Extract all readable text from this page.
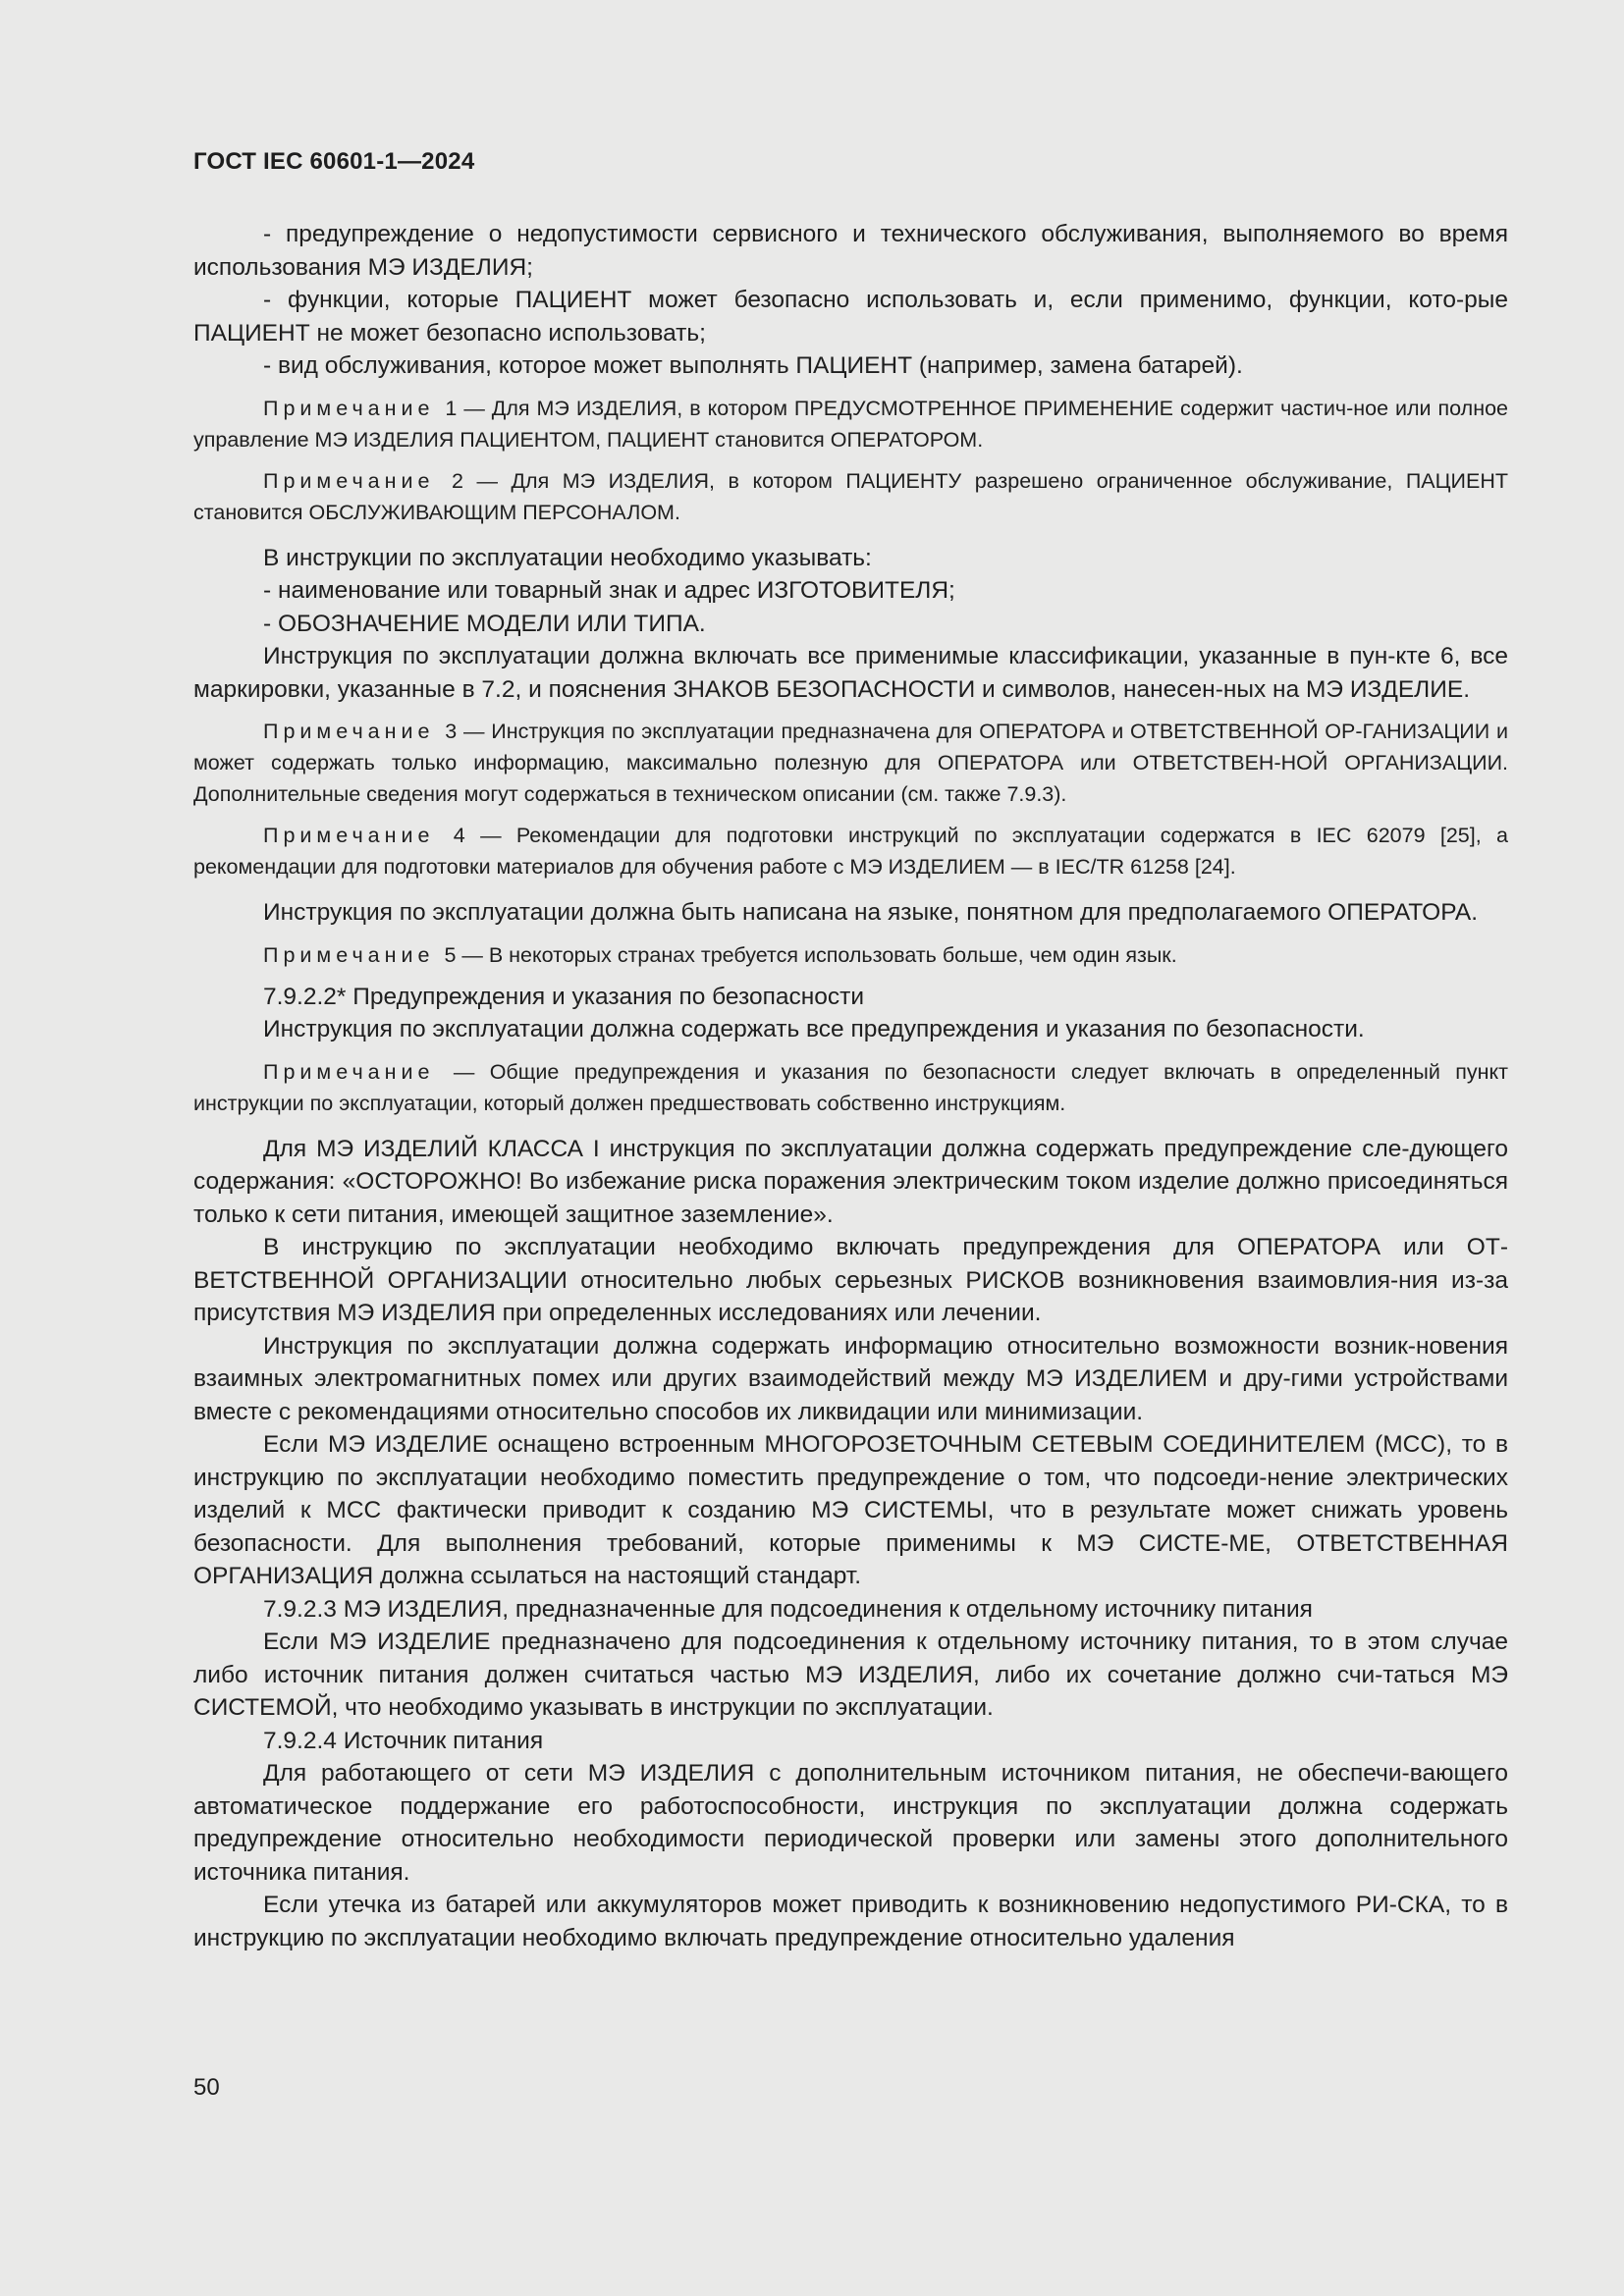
ГОСТ IEC 60601-1—2024

- предупреждение о недопустимости сервисного и технического обслуживания, выполняемого во время использования МЭ ИЗДЕЛИЯ;

- функции, которые ПАЦИЕНТ может безопасно использовать и, если применимо, функции, кото-рые ПАЦИЕНТ не может безопасно использовать;

- вид обслуживания, которое может выполнять ПАЦИЕНТ (например, замена батарей).

Примечание 1 — Для МЭ ИЗДЕЛИЯ, в котором ПРЕДУСМОТРЕННОЕ ПРИМЕНЕНИЕ содержит частич-ное или полное управление МЭ ИЗДЕЛИЯ ПАЦИЕНТОМ, ПАЦИЕНТ становится ОПЕРАТОРОМ.

Примечание 2 — Для МЭ ИЗДЕЛИЯ, в котором ПАЦИЕНТУ разрешено ограниченное обслуживание, ПАЦИЕНТ становится ОБСЛУЖИВАЮЩИМ ПЕРСОНАЛОМ.

В инструкции по эксплуатации необходимо указывать:

- наименование или товарный знак и адрес ИЗГОТОВИТЕЛЯ;

- ОБОЗНАЧЕНИЕ МОДЕЛИ ИЛИ ТИПА.

Инструкция по эксплуатации должна включать все применимые классификации, указанные в пун-кте 6, все маркировки, указанные в 7.2, и пояснения ЗНАКОВ БЕЗОПАСНОСТИ и символов, нанесен-ных на МЭ ИЗДЕЛИЕ.

Примечание 3 — Инструкция по эксплуатации предназначена для ОПЕРАТОРА и ОТВЕТСТВЕННОЙ ОР-ГАНИЗАЦИИ и может содержать только информацию, максимально полезную для ОПЕРАТОРА или ОТВЕТСТВЕН-НОЙ ОРГАНИЗАЦИИ. Дополнительные сведения могут содержаться в техническом описании (см. также 7.9.3).

Примечание 4 — Рекомендации для подготовки инструкций по эксплуатации содержатся в IEC 62079 [25], а рекомендации для подготовки материалов для обучения работе с МЭ ИЗДЕЛИЕМ — в IEC/TR 61258 [24].

Инструкция по эксплуатации должна быть написана на языке, понятном для предполагаемого ОПЕРАТОРА.

Примечание 5 — В некоторых странах требуется использовать больше, чем один язык.

7.9.2.2* Предупреждения и указания по безопасности

Инструкция по эксплуатации должна содержать все предупреждения и указания по безопасности.

Примечание — Общие предупреждения и указания по безопасности следует включать в определенный пункт инструкции по эксплуатации, который должен предшествовать собственно инструкциям.

Для МЭ ИЗДЕЛИЙ КЛАССА I инструкция по эксплуатации должна содержать предупреждение сле-дующего содержания: «ОСТОРОЖНО! Во избежание риска поражения электрическим током изделие должно присоединяться только к сети питания, имеющей защитное заземление».

В инструкцию по эксплуатации необходимо включать предупреждения для ОПЕРАТОРА или ОТ-ВЕТСТВЕННОЙ ОРГАНИЗАЦИИ относительно любых серьезных РИСКОВ возникновения взаимовлия-ния из-за присутствия МЭ ИЗДЕЛИЯ при определенных исследованиях или лечении.

Инструкция по эксплуатации должна содержать информацию относительно возможности возник-новения взаимных электромагнитных помех или других взаимодействий между МЭ ИЗДЕЛИЕМ и дру-гими устройствами вместе с рекомендациями относительно способов их ликвидации или минимизации.

Если МЭ ИЗДЕЛИЕ оснащено встроенным МНОГОРОЗЕТОЧНЫМ СЕТЕВЫМ СОЕДИНИТЕЛЕМ (МСС), то в инструкцию по эксплуатации необходимо поместить предупреждение о том, что подсоеди-нение электрических изделий к МСС фактически приводит к созданию МЭ СИСТЕМЫ, что в результате может снижать уровень безопасности. Для выполнения требований, которые применимы к МЭ СИСТЕ-МЕ, ОТВЕТСТВЕННАЯ ОРГАНИЗАЦИЯ должна ссылаться на настоящий стандарт.

7.9.2.3 МЭ ИЗДЕЛИЯ, предназначенные для подсоединения к отдельному источнику питания

Если МЭ ИЗДЕЛИЕ предназначено для подсоединения к отдельному источнику питания, то в этом случае либо источник питания должен считаться частью МЭ ИЗДЕЛИЯ, либо их сочетание должно счи-таться МЭ СИСТЕМОЙ, что необходимо указывать в инструкции по эксплуатации.

7.9.2.4 Источник питания

Для работающего от сети МЭ ИЗДЕЛИЯ с дополнительным источником питания, не обеспечи-вающего автоматическое поддержание его работоспособности, инструкция по эксплуатации должна содержать предупреждение относительно необходимости периодической проверки или замены этого дополнительного источника питания.

Если утечка из батарей или аккумуляторов может приводить к возникновению недопустимого РИ-СКА, то в инструкцию по эксплуатации необходимо включать предупреждение относительно удаления

50
